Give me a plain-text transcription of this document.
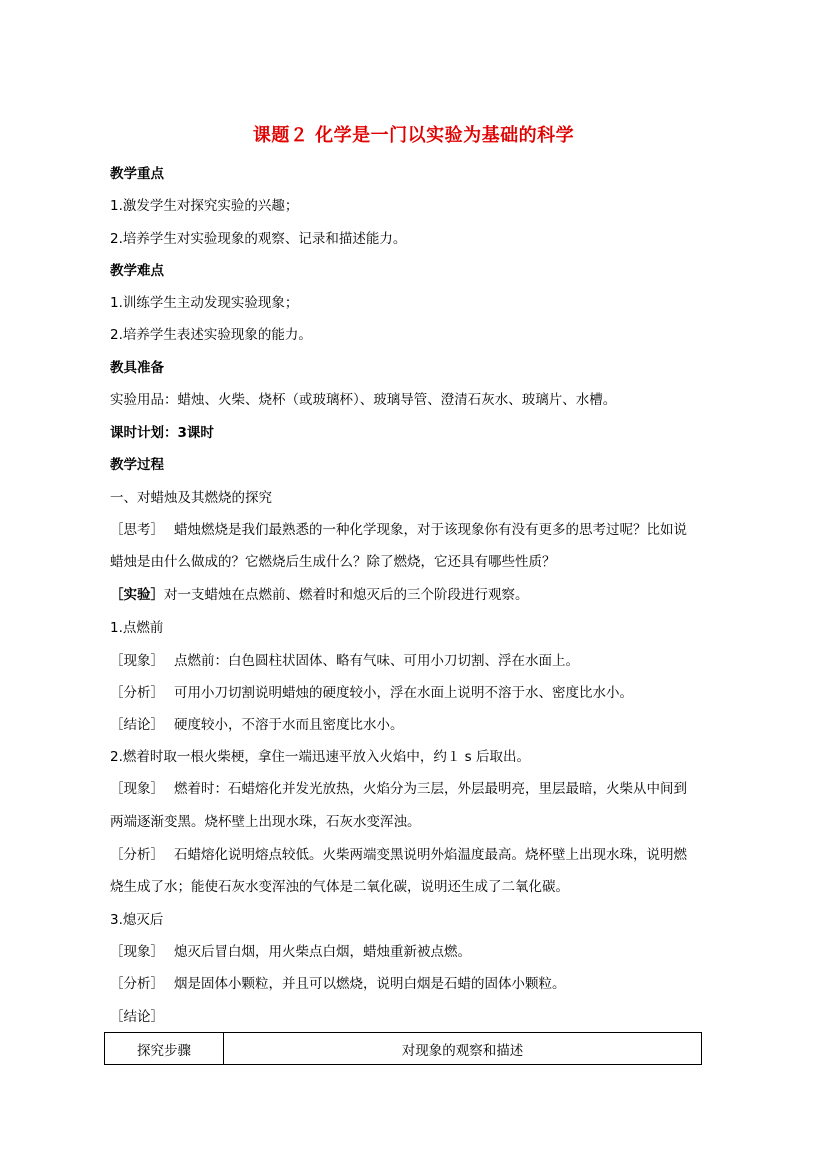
课题２ 化学是一门以实验为基础的科学
教学重点
1.激发学生对探究实验的兴趣；
2.培养学生对实验现象的观察、记录和描述能力。
教学难点
1.训练学生主动发现实验现象；
2.培养学生表述实验现象的能力。
教具准备
实验用品：蜡烛、火柴、烧杯（或玻璃杯）、玻璃导管、澄清石灰水、玻璃片、水槽。
课时计划：3课时
教学过程
一、对蜡烛及其燃烧的探究
［思考］ 蜡烛燃烧是我们最熟悉的一种化学现象，对于该现象你有没有更多的思考过呢？比如说
蜡烛是由什么做成的？它燃烧后生成什么？除了燃烧，它还具有哪些性质？
［实验］对一支蜡烛在点燃前、燃着时和熄灭后的三个阶段进行观察。
1.点燃前
［现象］ 点燃前：白色圆柱状固体、略有气味、可用小刀切割、浮在水面上。
［分析］ 可用小刀切割说明蜡烛的硬度较小，浮在水面上说明不溶于水、密度比水小。
［结论］ 硬度较小，不溶于水而且密度比水小。
2.燃着时取一根火柴梗，拿住一端迅速平放入火焰中，约１ s 后取出。
［现象］ 燃着时：石蜡熔化并发光放热，火焰分为三层，外层最明亮，里层最暗，火柴从中间到
两端逐渐变黑。烧杯壁上出现水珠，石灰水变浑浊。
［分析］ 石蜡熔化说明熔点较低。火柴两端变黑说明外焰温度最高。烧杯壁上出现水珠，说明燃
烧生成了水；能使石灰水变浑浊的气体是二氧化碳，说明还生成了二氧化碳。
3.熄灭后
［现象］ 熄灭后冒白烟，用火柴点白烟，蜡烛重新被点燃。
［分析］ 烟是固体小颗粒，并且可以燃烧，说明白烟是石蜡的固体小颗粒。
［结论］
探究步骤	对现象的观察和描述
